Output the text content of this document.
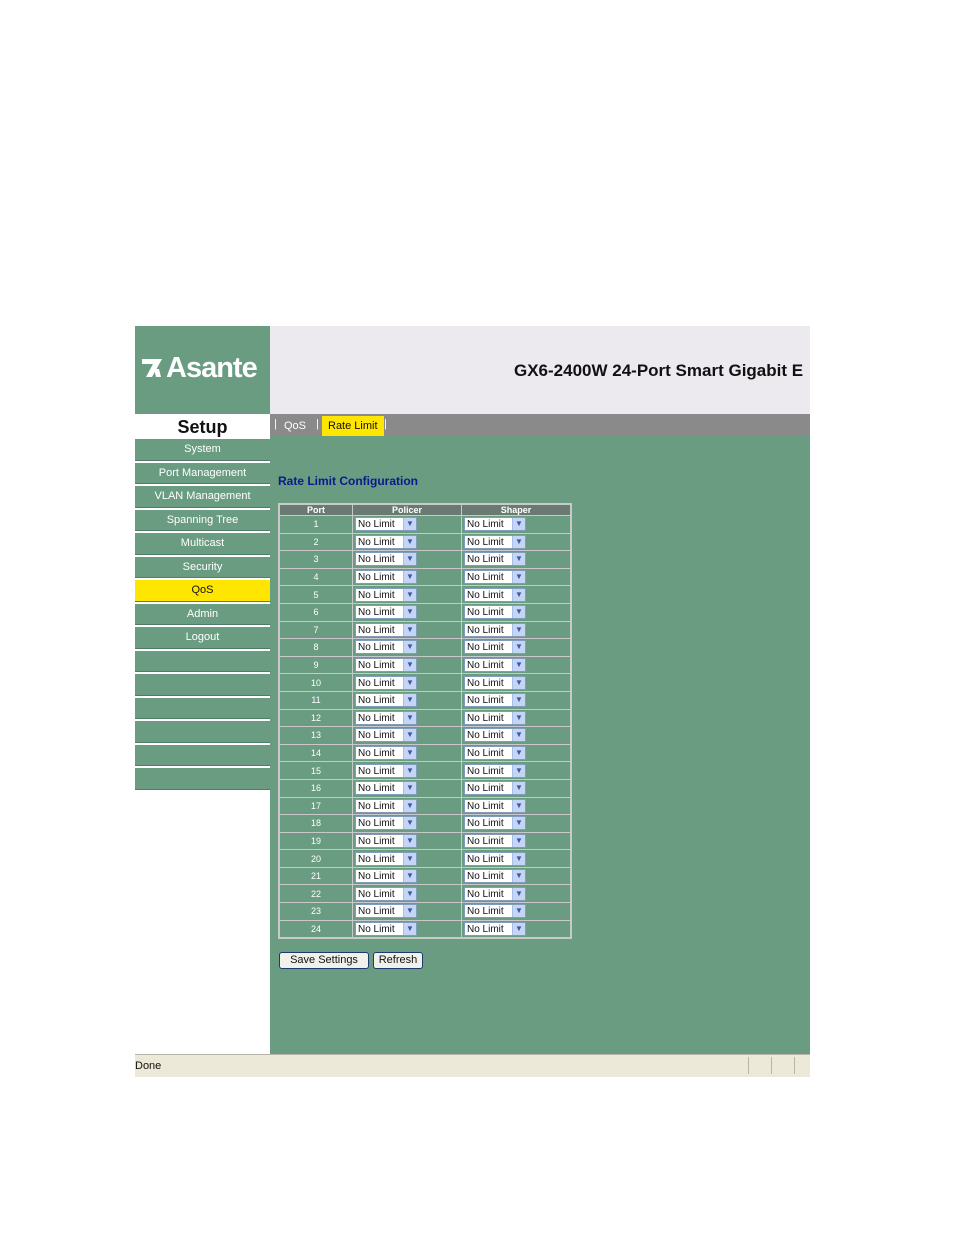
Asante	GX6-2400W 24-Port Smart Gigabit E
Setup
System
Port Management
VLAN Management
Spanning Tree
Multicast
Security
QoS
Admin
Logout
| QoS | Rate Limit |
Rate Limit Configuration
Port	Policer	Shaper
1	No Limit ▼	No Limit ▼

2	No Limit ▼	No Limit ▼

3	No Limit ▼	No Limit ▼

4	No Limit ▼	No Limit ▼

5	No Limit ▼	No Limit ▼

6	No Limit ▼	No Limit ▼

7	No Limit ▼	No Limit ▼

8	No Limit ▼	No Limit ▼

9	No Limit ▼	No Limit ▼

10	No Limit ▼	No Limit ▼

11	No Limit ▼	No Limit ▼

12	No Limit ▼	No Limit ▼

13	No Limit ▼	No Limit ▼

14	No Limit ▼	No Limit ▼

15	No Limit ▼	No Limit ▼

16	No Limit ▼	No Limit ▼

17	No Limit ▼	No Limit ▼

18	No Limit ▼	No Limit ▼

19	No Limit ▼	No Limit ▼

20	No Limit ▼	No Limit ▼

21	No Limit ▼	No Limit ▼

22	No Limit ▼	No Limit ▼

23	No Limit ▼	No Limit ▼

24	No Limit ▼	No Limit ▼
Save Settings	Refresh
Done
